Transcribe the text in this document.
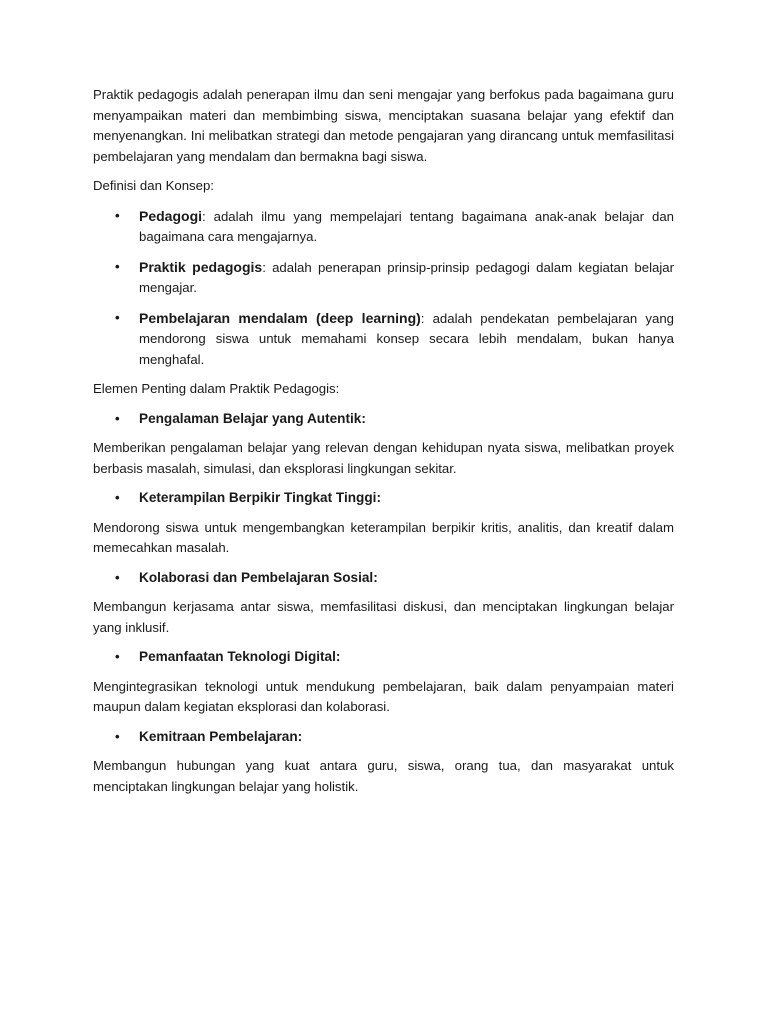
Praktik pedagogis adalah penerapan ilmu dan seni mengajar yang berfokus pada bagaimana guru menyampaikan materi dan membimbing siswa, menciptakan suasana belajar yang efektif dan menyenangkan. Ini melibatkan strategi dan metode pengajaran yang dirancang untuk memfasilitasi pembelajaran yang mendalam dan bermakna bagi siswa.

Definisi dan Konsep:

• Pedagogi: adalah ilmu yang mempelajari tentang bagaimana anak-anak belajar dan bagaimana cara mengajarnya.
• Praktik pedagogis: adalah penerapan prinsip-prinsip pedagogi dalam kegiatan belajar mengajar.
• Pembelajaran mendalam (deep learning): adalah pendekatan pembelajaran yang mendorong siswa untuk memahami konsep secara lebih mendalam, bukan hanya menghafal.

Elemen Penting dalam Praktik Pedagogis:

• Pengalaman Belajar yang Autentik:

Memberikan pengalaman belajar yang relevan dengan kehidupan nyata siswa, melibatkan proyek berbasis masalah, simulasi, dan eksplorasi lingkungan sekitar.

• Keterampilan Berpikir Tingkat Tinggi:

Mendorong siswa untuk mengembangkan keterampilan berpikir kritis, analitis, dan kreatif dalam memecahkan masalah.

• Kolaborasi dan Pembelajaran Sosial:

Membangun kerjasama antar siswa, memfasilitasi diskusi, dan menciptakan lingkungan belajar yang inklusif.

• Pemanfaatan Teknologi Digital:

Mengintegrasikan teknologi untuk mendukung pembelajaran, baik dalam penyampaian materi maupun dalam kegiatan eksplorasi dan kolaborasi.

• Kemitraan Pembelajaran:

Membangun hubungan yang kuat antara guru, siswa, orang tua, dan masyarakat untuk menciptakan lingkungan belajar yang holistik.
